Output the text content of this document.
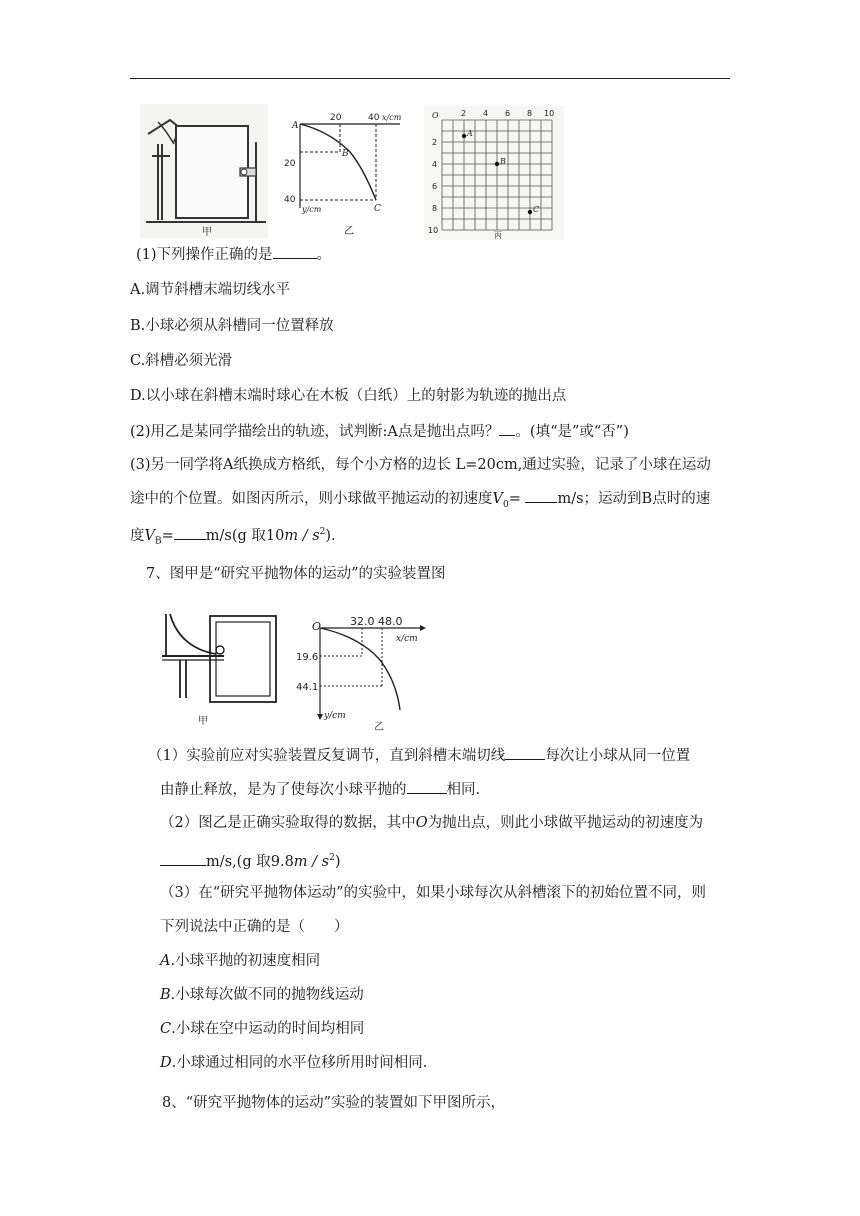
甲
A
20	40 x/cm
20
40
y/cm
B
C
乙
O	2 4 6 8 10
2
4
6
8
10
A
B
C
丙
(1)下列操作正确的是	。
A.调节斜槽末端切线水平
B.小球必须从斜槽同一位置释放
C.斜槽必须光滑
D.以小球在斜槽末端时球心在木板（白纸）上的射影为轨迹的抛出点
(2)用乙是某同学描绘出的轨迹，试判断:A点是抛出点吗？ 。(填“是”或“否”)
(3)另一同学将A纸换成方格纸，每个小方格的边长 L=20cm,通过实验，记录了小球在运动
途中的个位置。如图丙所示，则小球做平抛运动的初速度$V_0=$	m/s；运动到B点时的速
度$V_B= m/s(g$ 取$10m / s^2$).
7、图甲是“研究平抛物体的运动”的实验装置图
甲
O	32.0 48.0
x/cm
19.6
44.1
y/cm
乙
（1）实验前应对实验装置反复调节，直到斜槽末端切线	每次让小球从同一位置
由静止释放，是为了使每次小球平抛的	相同.
（2）图乙是正确实验取得的数据，其中O为抛出点，则此小球做平抛运动的初速度为
m/s,(g 取$9.8m / s^2$)
（3）在“研究平抛物体运动”的实验中，如果小球每次从斜槽滚下的初始位置不同，则
下列说法中正确的是（　　）
A.小球平抛的初速度相同
B.小球每次做不同的抛物线运动
C.小球在空中运动的时间均相同
D.小球通过相同的水平位移所用时间相同.
8、“研究平抛物体的运动”实验的装置如下甲图所示，
